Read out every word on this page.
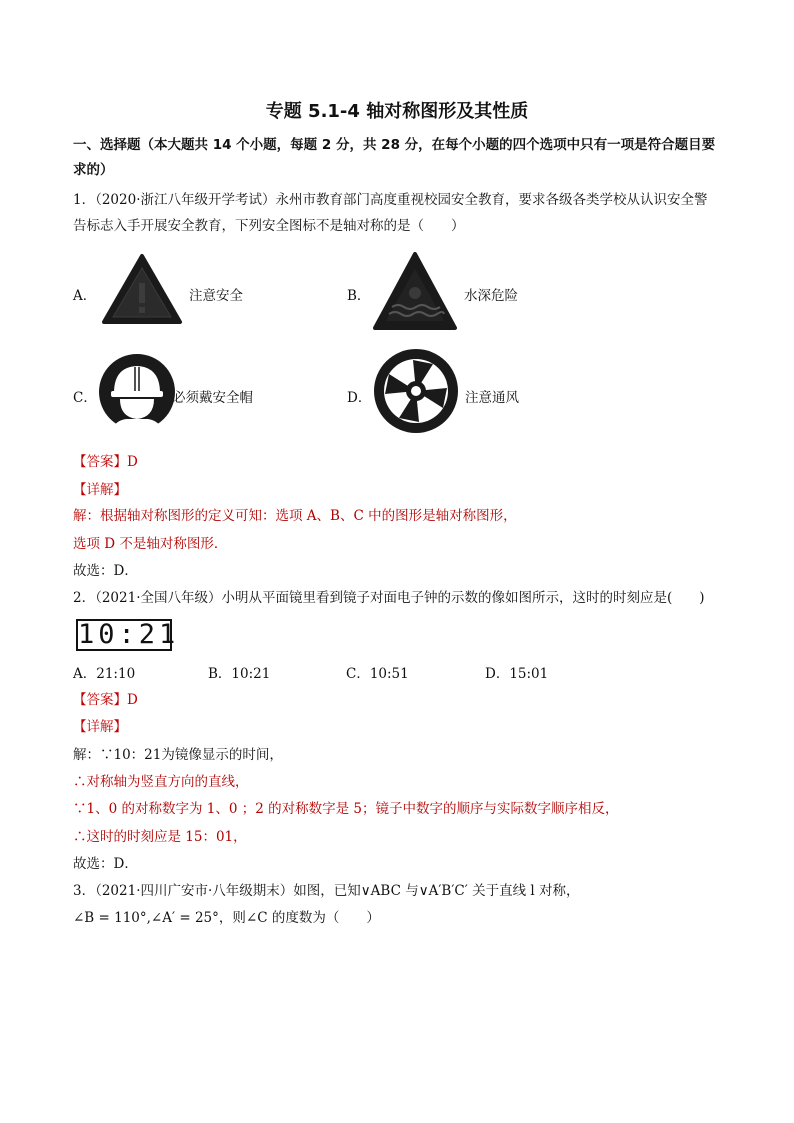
专题 5.1-4 轴对称图形及其性质
一、选择题（本大题共 14 个小题，每题 2 分，共 28 分，在每个小题的四个选项中只有一项是符合题目要
求的）
1．（2020·浙江八年级开学考试）永州市教育部门高度重视校园安全教育，要求各级各类学校从认识安全警
告标志入手开展安全教育，下列安全图标不是轴对称的是（　　）
A．	注意安全	B．	水深危险
C．	必须戴安全帽	D．	注意通风
【答案】D
【详解】
解：根据轴对称图形的定义可知：选项 A、B、C 中的图形是轴对称图形，
选项 D 不是轴对称图形．
故选：D．
2．（2021·全国八年级）小明从平面镜里看到镜子对面电子钟的示数的像如图所示，这时的时刻应是(　　)
10:21
A．21:10	B．10:21	C．10:51	D．15:01
【答案】D
【详解】
解：∵10：21为镜像显示的时间，
∴对称轴为竖直方向的直线，
∵1、0 的对称数字为 1、0 ；2 的对称数字是 5；镜子中数字的顺序与实际数字顺序相反，
∴这时的时刻应是 15：01，
故选：D．
3．（2021·四川广安市·八年级期末）如图，已知∨ABC 与∨A′B′C′ 关于直线 l 对称，
∠B = 110°,∠A′ = 25°，则∠C 的度数为（　　）
